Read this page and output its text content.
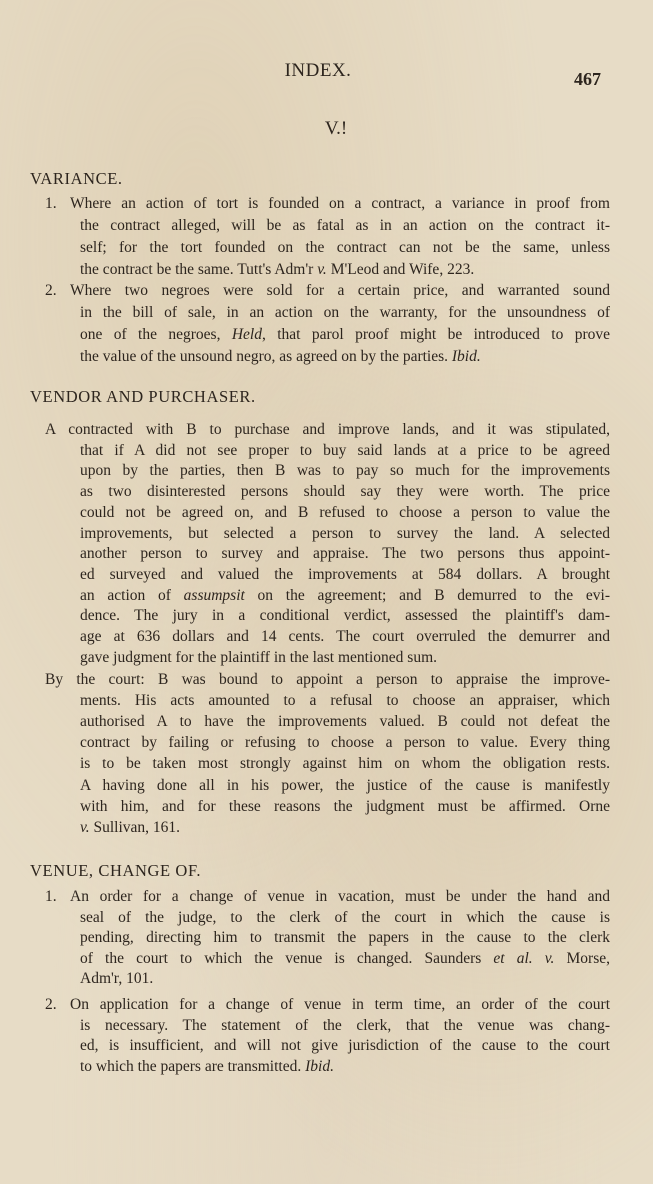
INDEX.	467
V.!
VARIANCE.
1. Where an action of tort is founded on a contract, a variance in proof from
the contract alleged, will be as fatal as in an action on the contract it-
self; for the tort founded on the contract can not be the same, unless
the contract be the same. Tutt's Adm'r v. M'Leod and Wife, 223.
2. Where two negroes were sold for a certain price, and warranted sound
in the bill of sale, in an action on the warranty, for the unsoundness of
one of the negroes, Held, that parol proof might be introduced to prove
the value of the unsound negro, as agreed on by the parties. Ibid.
VENDOR AND PURCHASER.
A contracted with B to purchase and improve lands, and it was stipulated,
that if A did not see proper to buy said lands at a price to be agreed
upon by the parties, then B was to pay so much for the improvements
as two disinterested persons should say they were worth. The price
could not be agreed on, and B refused to choose a person to value the
improvements, but selected a person to survey the land. A selected
another person to survey and appraise. The two persons thus appoint-
ed surveyed and valued the improvements at 584 dollars. A brought
an action of assumpsit on the agreement; and B demurred to the evi-
dence. The jury in a conditional verdict, assessed the plaintiff's dam-
age at 636 dollars and 14 cents. The court overruled the demurrer and
gave judgment for the plaintiff in the last mentioned sum.
By the court: B was bound to appoint a person to appraise the improve-
ments. His acts amounted to a refusal to choose an appraiser, which
authorised A to have the improvements valued. B could not defeat the
contract by failing or refusing to choose a person to value. Every thing
is to be taken most strongly against him on whom the obligation rests.
A having done all in his power, the justice of the cause is manifestly
with him, and for these reasons the judgment must be affirmed. Orne
v. Sullivan, 161.
VENUE, CHANGE OF.
1. An order for a change of venue in vacation, must be under the hand and
seal of the judge, to the clerk of the court in which the cause is
pending, directing him to transmit the papers in the cause to the clerk
of the court to which the venue is changed. Saunders et al. v. Morse,
Adm'r, 101.
2. On application for a change of venue in term time, an order of the court
is necessary. The statement of the clerk, that the venue was chang-
ed, is insufficient, and will not give jurisdiction of the cause to the court
to which the papers are transmitted. Ibid.
